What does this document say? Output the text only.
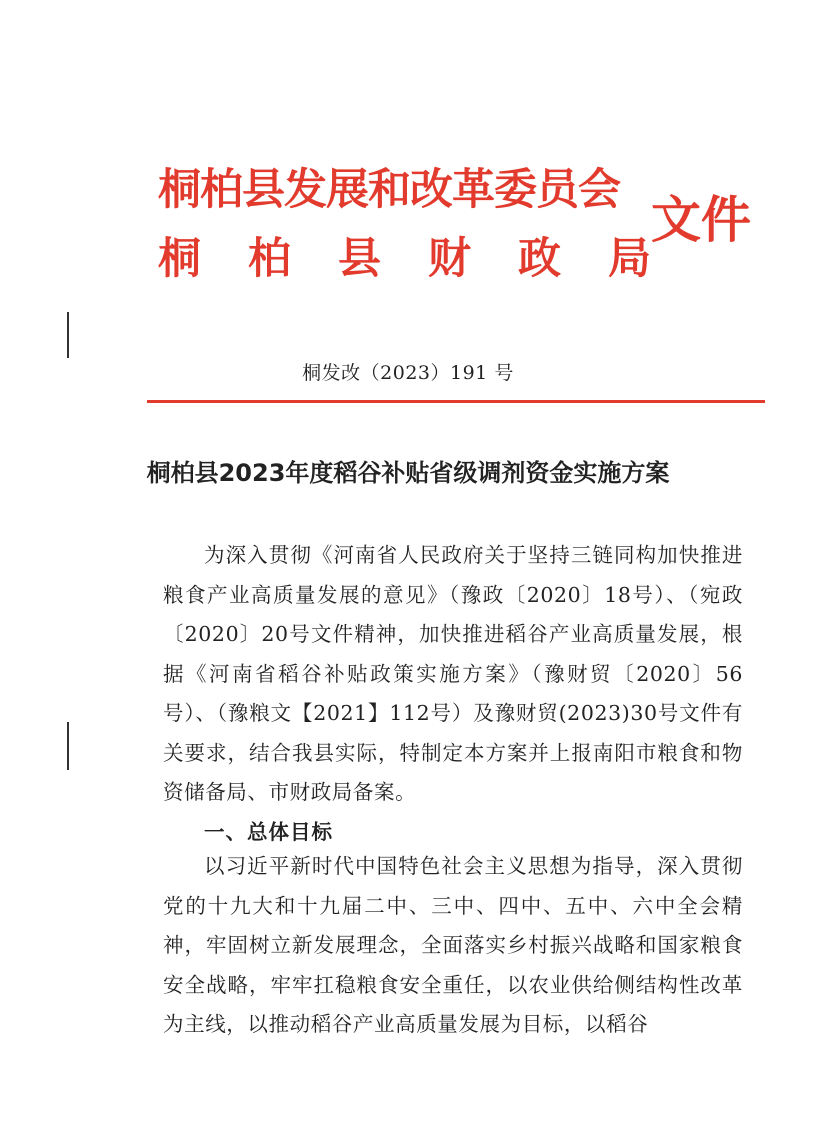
桐柏县发展和改革委员会
桐柏县财政局
文件
桐发改（2023）191 号
桐柏县2023年度稻谷补贴省级调剂资金实施方案
为深入贯彻《河南省人民政府关于坚持三链同构加快推进粮食产业高质量发展的意见》（豫政〔2020〕18号）、（宛政〔2020〕20号文件精神，加快推进稻谷产业高质量发展，根据《河南省稻谷补贴政策实施方案》（豫财贸〔2020〕56号）、（豫粮文【2021】112号）及豫财贸(2023)30号文件有关要求，结合我县实际，特制定本方案并上报南阳市粮食和物资储备局、市财政局备案。
一、总体目标
以习近平新时代中国特色社会主义思想为指导，深入贯彻党的十九大和十九届二中、三中、四中、五中、六中全会精神，牢固树立新发展理念，全面落实乡村振兴战略和国家粮食安全战略，牢牢扛稳粮食安全重任，以农业供给侧结构性改革为主线，以推动稻谷产业高质量发展为目标，以稻谷
